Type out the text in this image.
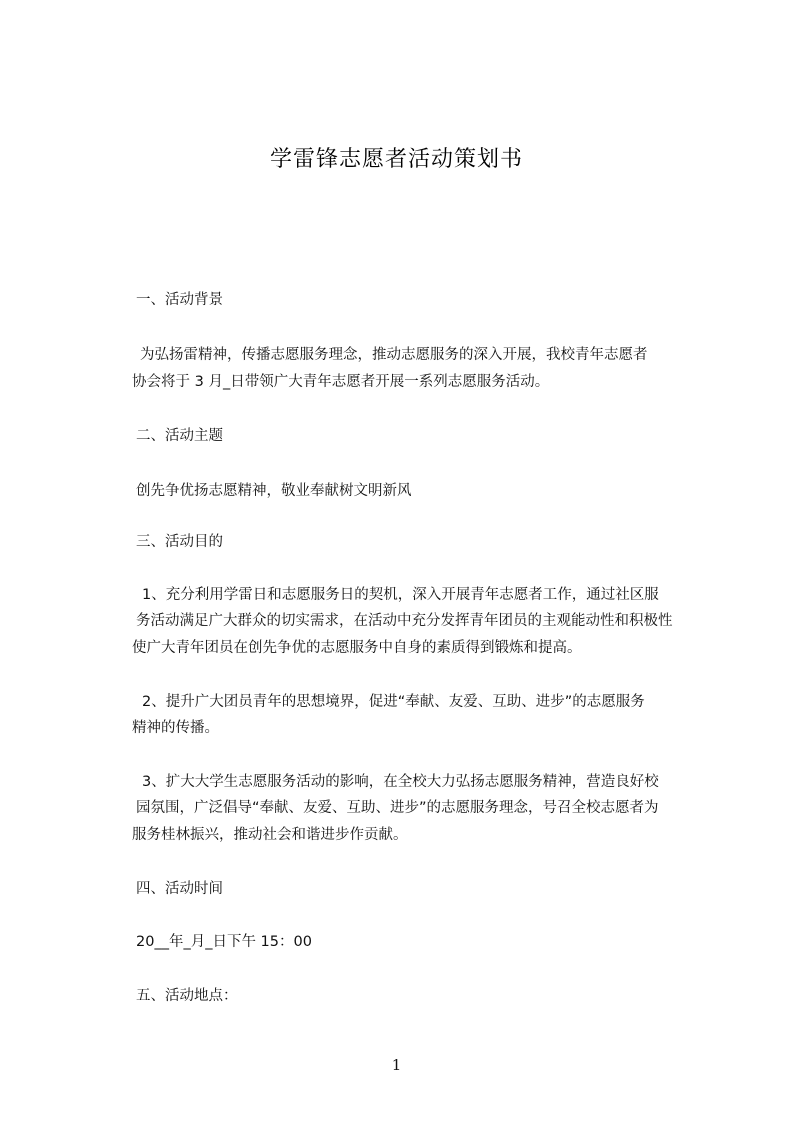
学雷锋志愿者活动策划书
一、活动背景
为弘扬雷精神，传播志愿服务理念，推动志愿服务的深入开展，我校青年志愿者
协会将于 3 月_日带领广大青年志愿者开展一系列志愿服务活动。
二、活动主题
创先争优扬志愿精神，敬业奉献树文明新风
三、活动目的
1、充分利用学雷日和志愿服务日的契机，深入开展青年志愿者工作，通过社区服
务活动满足广大群众的切实需求，在活动中充分发挥青年团员的主观能动性和积极性
使广大青年团员在创先争优的志愿服务中自身的素质得到锻炼和提高。
2、提升广大团员青年的思想境界，促进“奉献、友爱、互助、进步”的志愿服务
精神的传播。
3、扩大大学生志愿服务活动的影响，在全校大力弘扬志愿服务精神，营造良好校
园氛围，广泛倡导“奉献、友爱、互助、进步”的志愿服务理念，号召全校志愿者为
服务桂林振兴，推动社会和谐进步作贡献。
四、活动时间
20__年_月_日下午 15：00
五、活动地点：
1
